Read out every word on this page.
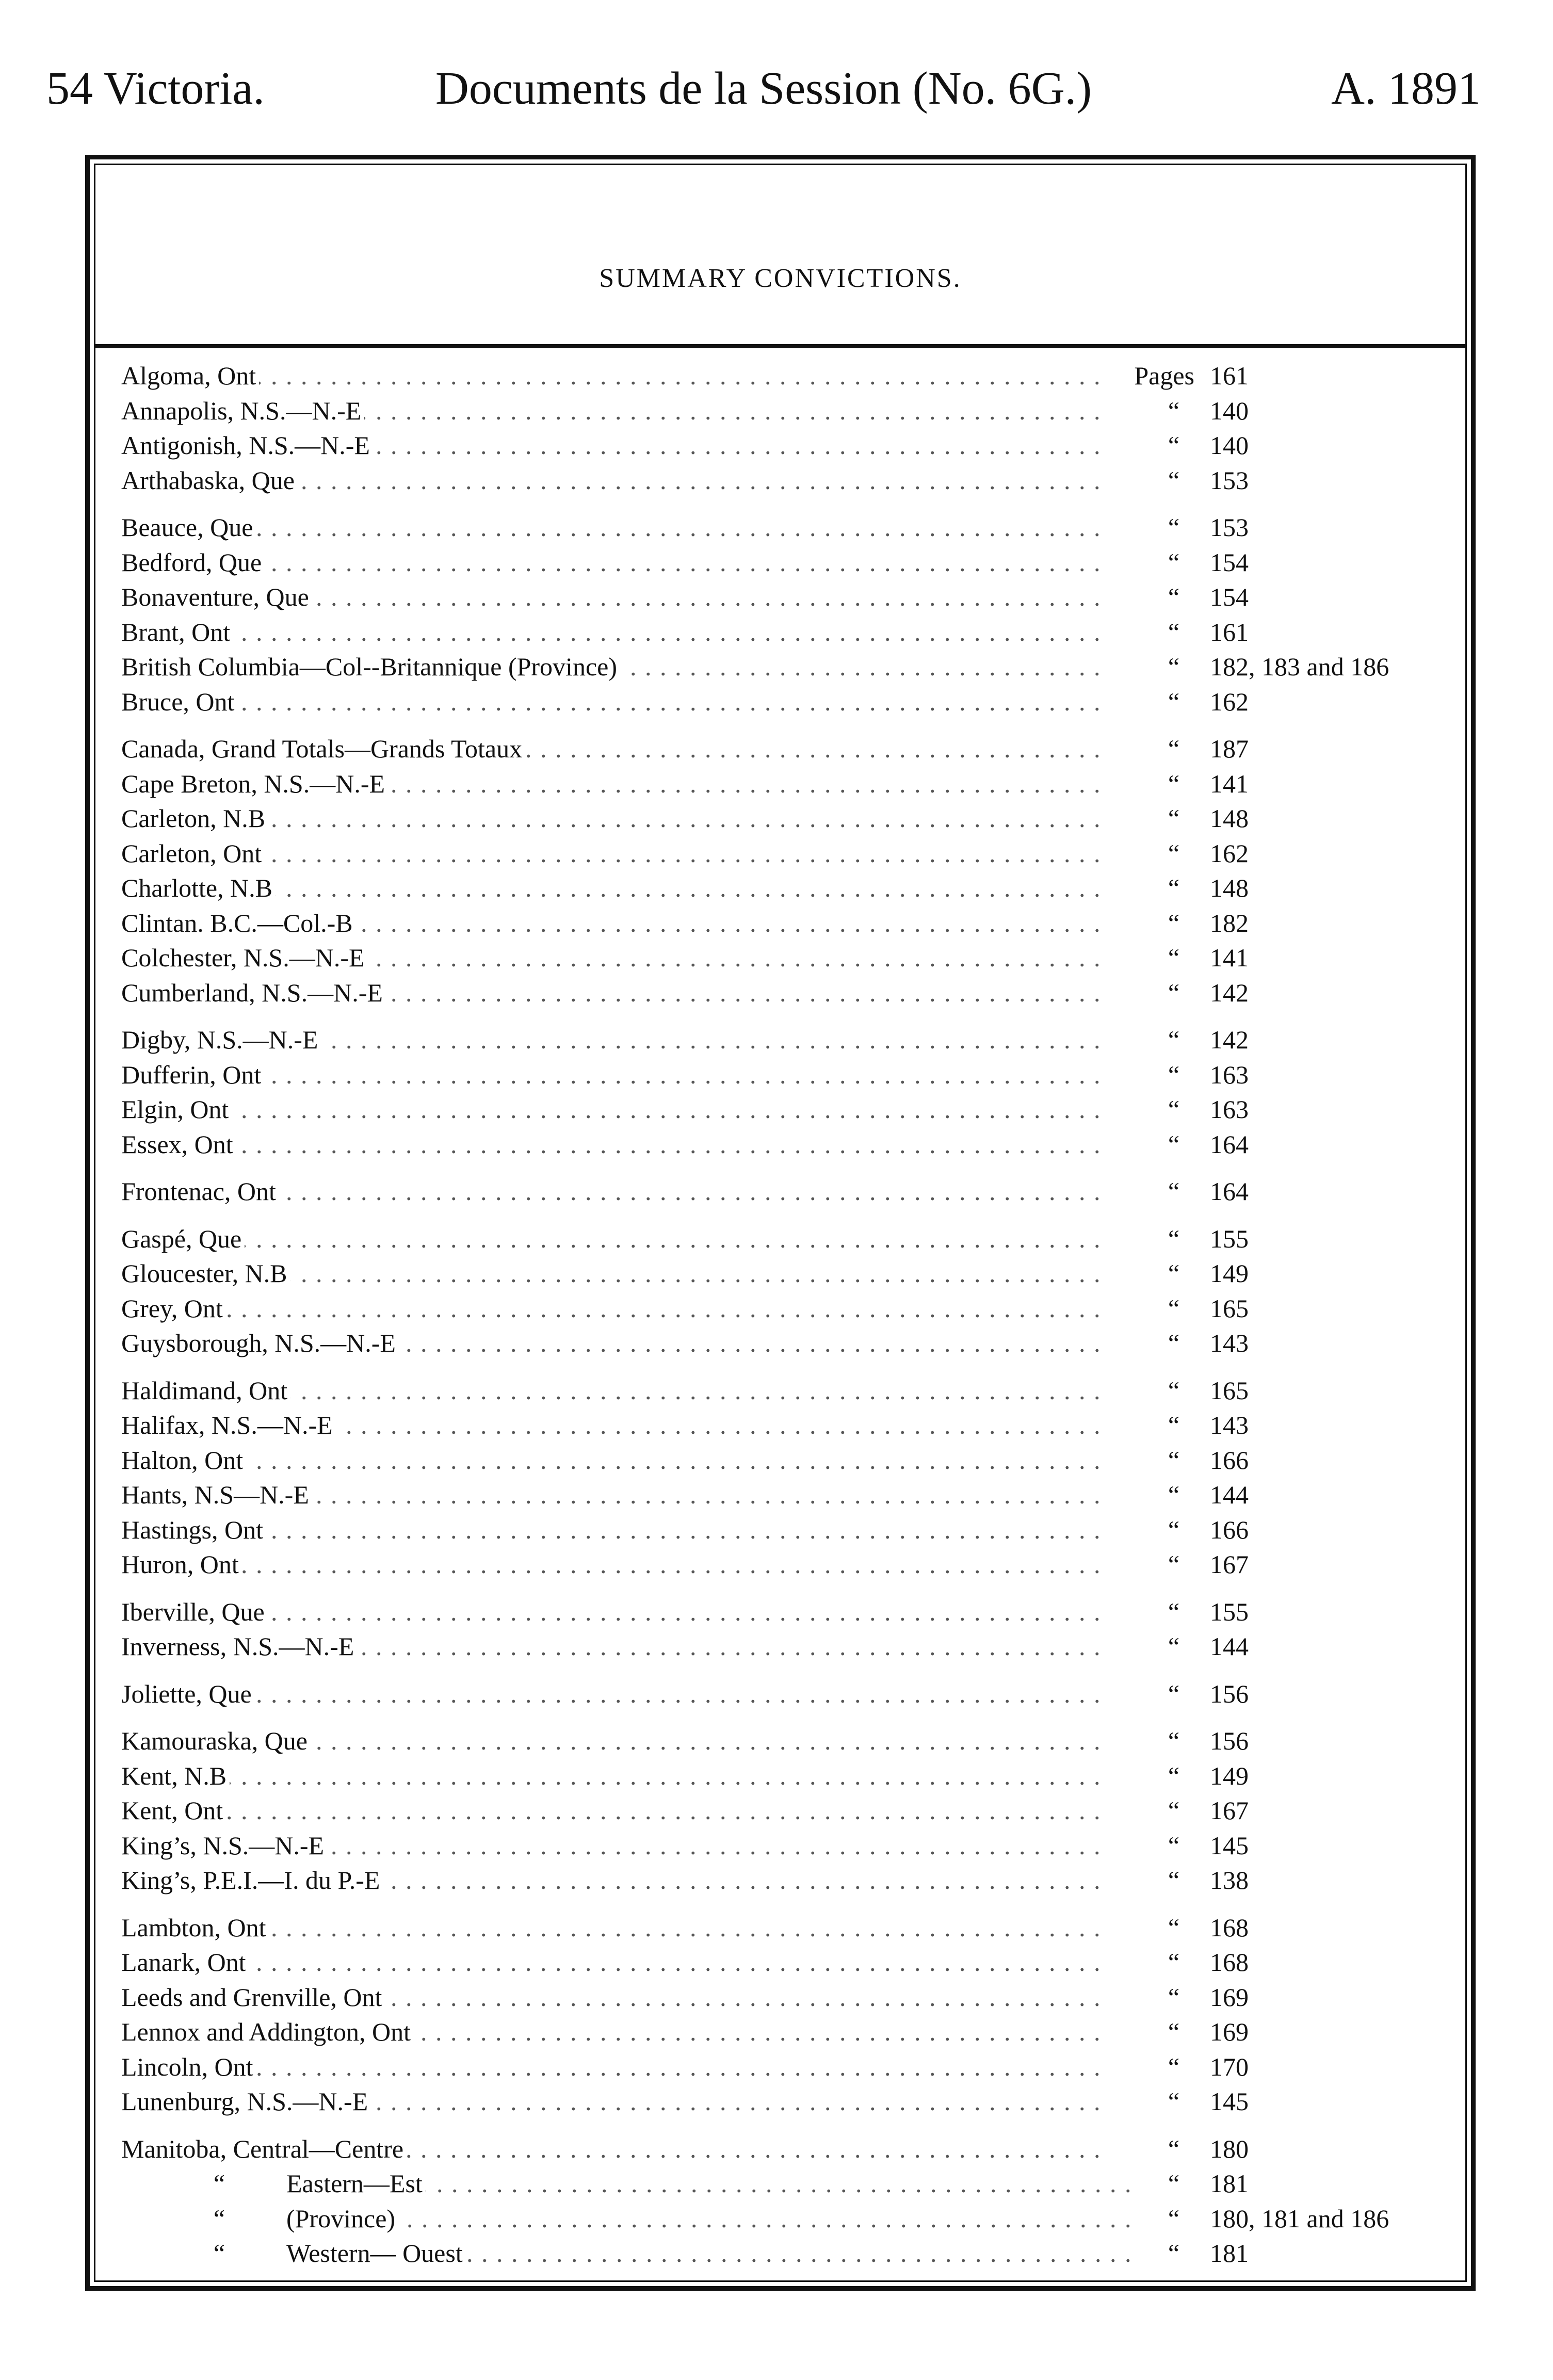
54 Victoria.	Documents de la Session (No. 6G.)	A. 1891
SUMMARY CONVICTIONS.
Algoma, Ont . . .	Pages 161
Annapolis, N.S.—N.-E . . .	“	140
Antigonish, N.S.—N.-E . . .	“	140
Arthabaska, Que . . .	“	153
Beauce, Que . . .	“	153
Bedford, Que . . .	“	154
Bonaventure, Que . . .	“	154
Brant, Ont . . .	“	161
British Columbia—Col--Britannique (Province) . . .	“	182, 183 and 186
Bruce, Ont . . .	“	162
Canada, Grand Totals—Grands Totaux . . .	“	187
Cape Breton, N.S.—N.-E . . .	“	141
Carleton, N.B . . .	“	148
Carleton, Ont . . .	“	162
Charlotte, N.B . . .	“	148
Clintan. B.C.—Col.-B . . .	“	182
Colchester, N.S.—N.-E . . .	“	141
Cumberland, N.S.—N.-E . . .	“	142
Digby, N.S.—N.-E . . .	“	142
Dufferin, Ont . . .	“	163
Elgin, Ont . . .	“	163
Essex, Ont . . .	“	164
Frontenac, Ont . . .	“	164
Gaspé, Que . . .	“	155
Gloucester, N.B . . .	“	149
Grey, Ont . . .	“	165
Guysborough, N.S.—N.-E . . .	“	143
Haldimand, Ont . . .	“	165
Halifax, N.S.—N.-E . . .	“	143
Halton, Ont . . .	“	166
Hants, N.S—N.-E . . .	“	144
Hastings, Ont . . .	“	166
Huron, Ont . . .	“	167
Iberville, Que . . .	“	155
Inverness, N.S.—N.-E . . .	“	144
Joliette, Que . . .	“	156
Kamouraska, Que . . .	“	156
Kent, N.B . . .	“	149
Kent, Ont . . .	“	167
King’s, N.S.—N.-E . . .	“	145
King’s, P.E.I.—I. du P.-E . . .	“	138
Lambton, Ont . . .	“	168
Lanark, Ont . . .	“	168
Leeds and Grenville, Ont . . .	“	169
Lennox and Addington, Ont . . .	“	169
Lincoln, Ont . . .	“	170
Lunenburg, N.S.—N.-E . . .	“	145
Manitoba, Central—Centre . . .	“	180
“ Eastern—Est . . .	“	181
“ (Province) . . .	“	180, 181 and 186
“ Western— Ouest . . .	“	181
